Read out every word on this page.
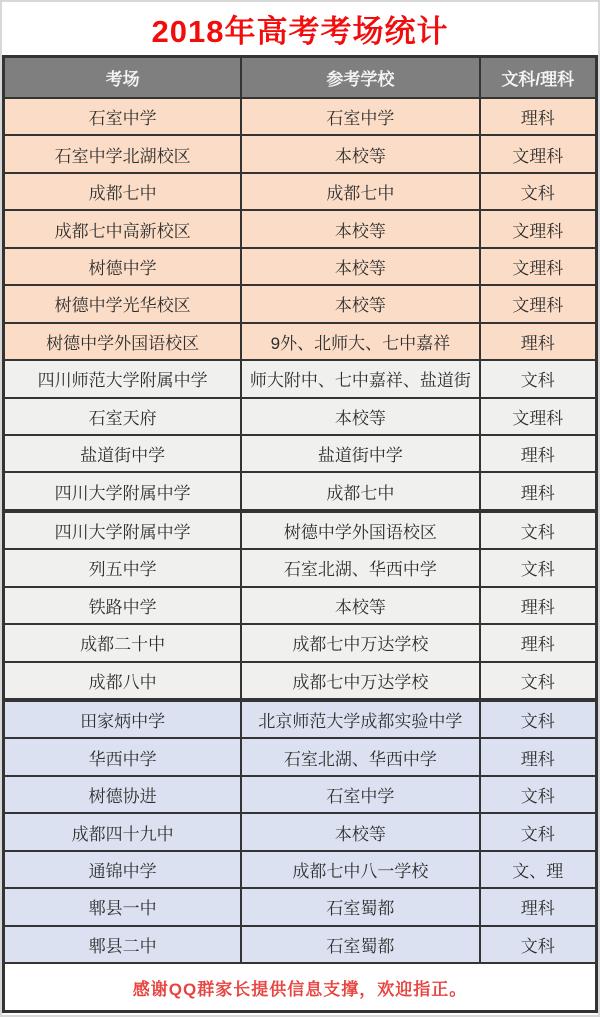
2018年高考考场统计
考场	参考学校	文科/理科
石室中学	石室中学	理科
石室中学北湖校区	本校等	文理科
成都七中	成都七中	文科
成都七中高新校区	本校等	文理科
树德中学	本校等	文理科
树德中学光华校区	本校等	文理科
树德中学外国语校区	9外、北师大、七中嘉祥	理科
四川师范大学附属中学	师大附中、七中嘉祥、盐道街	文科
石室天府	本校等	文理科
盐道街中学	盐道街中学	理科
四川大学附属中学	成都七中	理科
四川大学附属中学	树德中学外国语校区	文科
列五中学	石室北湖、华西中学	文科
铁路中学	本校等	理科
成都二十中	成都七中万达学校	理科
成都八中	成都七中万达学校	文科
田家炳中学	北京师范大学成都实验中学	文科
华西中学	石室北湖、华西中学	理科
树德协进	石室中学	文科
成都四十九中	本校等	文科
通锦中学	成都七中八一学校	文、理
郫县一中	石室蜀都	理科
郫县二中	石室蜀都	文科
感谢QQ群家长提供信息支撑，欢迎指正。
